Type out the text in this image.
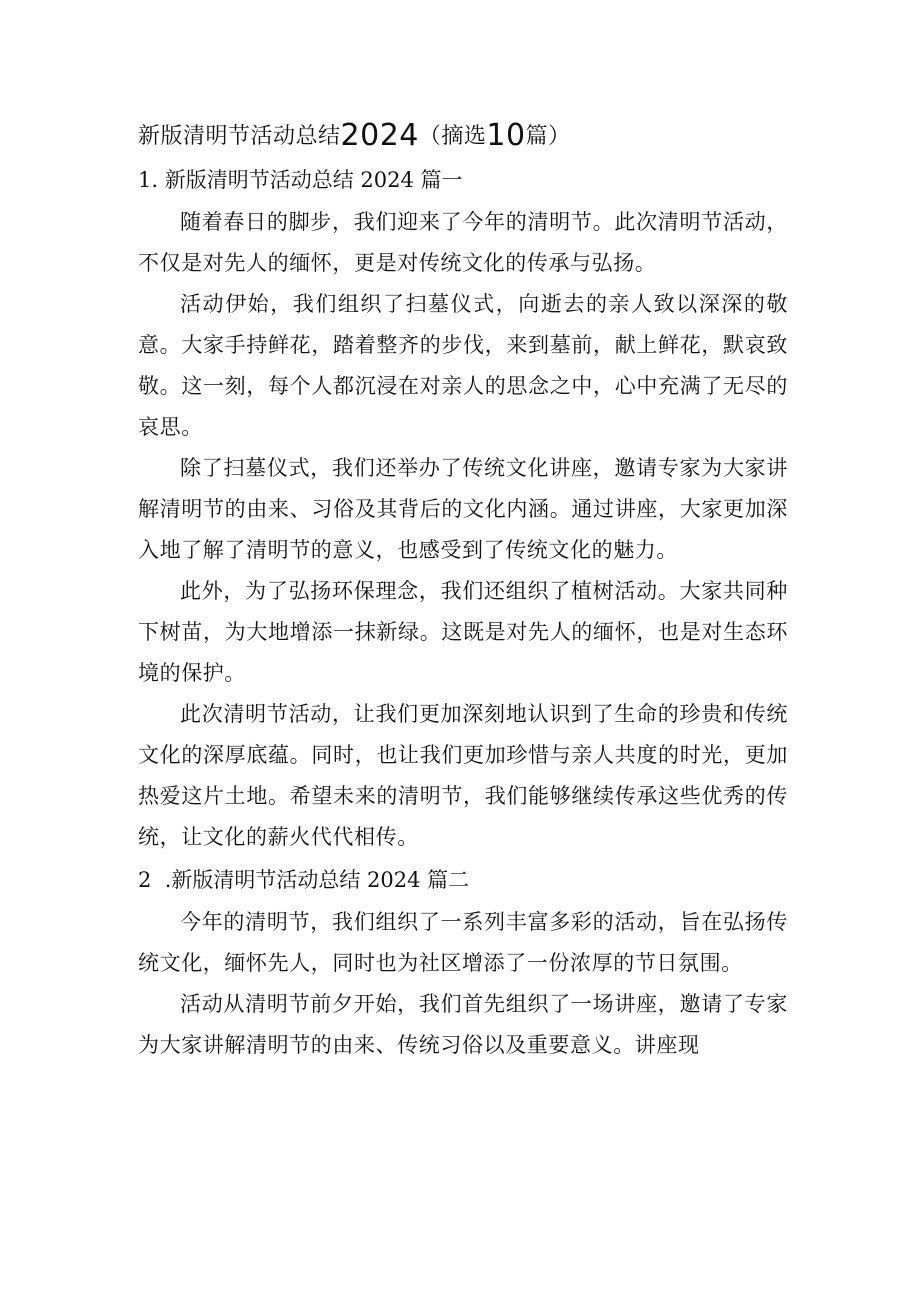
新版清明节活动总结2024（摘选10篇）
1. 新版清明节活动总结 2024 篇一

随着春日的脚步，我们迎来了今年的清明节。此次清明节活动，不仅是对先人的缅怀，更是对传统文化的传承与弘扬。

活动伊始，我们组织了扫墓仪式，向逝去的亲人致以深深的敬意。大家手持鲜花，踏着整齐的步伐，来到墓前，献上鲜花，默哀致敬。这一刻，每个人都沉浸在对亲人的思念之中，心中充满了无尽的哀思。

除了扫墓仪式，我们还举办了传统文化讲座，邀请专家为大家讲解清明节的由来、习俗及其背后的文化内涵。通过讲座，大家更加深入地了解了清明节的意义，也感受到了传统文化的魅力。

此外，为了弘扬环保理念，我们还组织了植树活动。大家共同种下树苗，为大地增添一抹新绿。这既是对先人的缅怀，也是对生态环境的保护。

此次清明节活动，让我们更加深刻地认识到了生命的珍贵和传统文化的深厚底蕴。同时，也让我们更加珍惜与亲人共度的时光，更加热爱这片土地。希望未来的清明节，我们能够继续传承这些优秀的传统，让文化的薪火代代相传。

2  .新版清明节活动总结 2024 篇二

今年的清明节，我们组织了一系列丰富多彩的活动，旨在弘扬传统文化，缅怀先人，同时也为社区增添了一份浓厚的节日氛围。

活动从清明节前夕开始，我们首先组织了一场讲座，邀请了专家为大家讲解清明节的由来、传统习俗以及重要意义。讲座现
